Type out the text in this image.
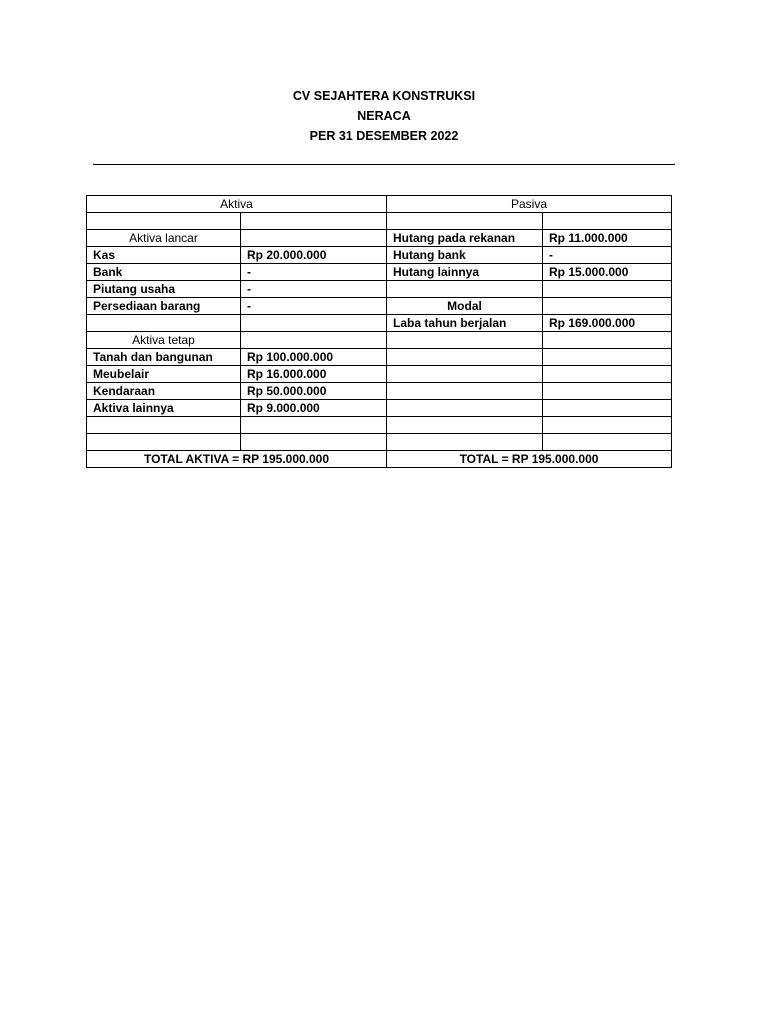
CV SEJAHTERA KONSTRUKSI
NERACA
PER 31 DESEMBER 2022
Aktiva		Pasiva	

Aktiva lancar		Hutang pada rekanan	Rp 11.000.000
Kas	Rp 20.000.000	Hutang bank	-
Bank	-	Hutang lainnya	Rp 15.000.000
Piutang usaha	-		
Persediaan barang	-	Modal	
		Laba tahun berjalan	Rp 169.000.000
Aktiva tetap			
Tanah dan bangunan	Rp 100.000.000		
Meubelair	Rp 16.000.000		
Kendaraan	Rp 50.000.000		
Aktiva lainnya	Rp 9.000.000		

TOTAL AKTIVA = RP 195.000.000		TOTAL = RP 195.000.000	
